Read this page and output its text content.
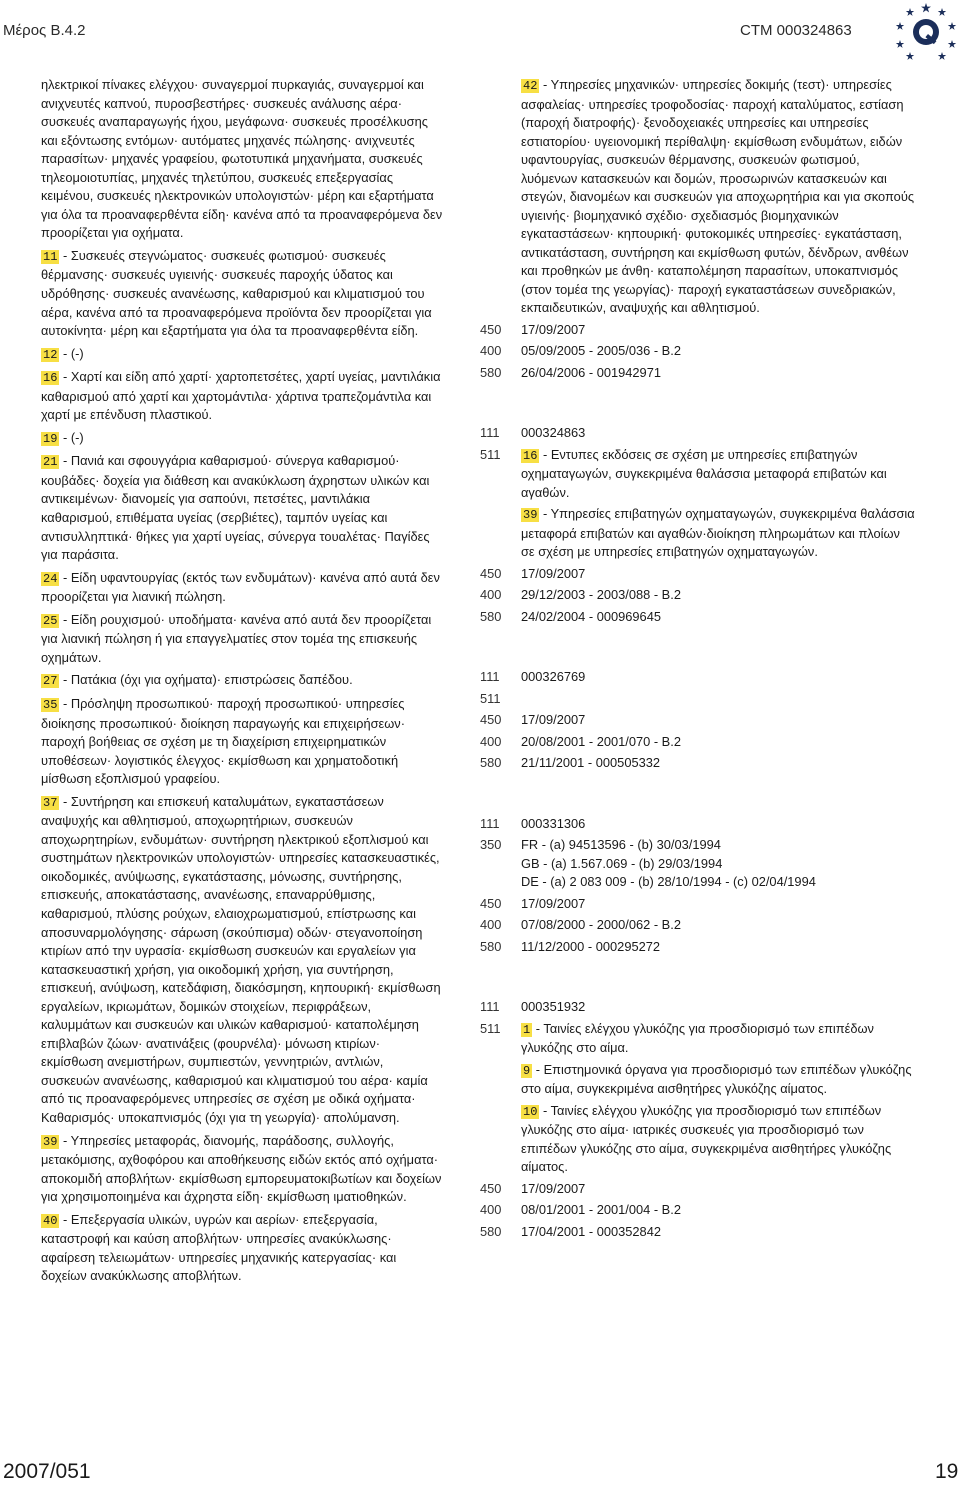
Μέρος Β.4.2	CTM 000324863

ηλεκτρικοί πίνακες ελέγχου· συναγερμοί πυρκαγιάς, συναγερμοί και ανιχνευτές καπνού, πυροσβεστήρες· συσκευές ανάλυσης αέρα· συσκευές αναπαραγωγής ήχου, μεγάφωνα· συσκευές προσέλκυσης και εξόντωσης εντόμων· αυτόματες μηχανές πώλησης· ανιχνευτές παρασίτων· μηχανές γραφείου, φωτοτυπικά μηχανήματα, συσκευές τηλεομοιοτυπίας, μηχανές τηλετύπου, συσκευές επεξεργασίας κειμένου, συσκευές ηλεκτρονικών υπολογιστών· μέρη και εξαρτήματα για όλα τα προαναφερθέντα είδη· κανένα από τα προαναφερόμενα δεν προορίζεται για οχήματα.

11 - Συσκευές στεγνώματος· συσκευές φωτισμού· συσκευές θέρμανσης· συσκευές υγιεινής· συσκευές παροχής ύδατος και υδρόθησης· συσκευές ανανέωσης, καθαρισμού και κλιματισμού του αέρα, κανένα από τα προαναφερόμενα προϊόντα δεν προορίζεται για αυτοκίνητα· μέρη και εξαρτήματα για όλα τα προαναφερθέντα είδη.

12 - (-)

16 - Χαρτί και είδη από χαρτί· χαρτοπετσέτες, χαρτί υγείας, μαντιλάκια καθαρισμού από χαρτί και χαρτομάντιλα· χάρτινα τραπεζομάντιλα και χαρτί με επένδυση πλαστικού.

19 - (-)

21 - Πανιά και σφουγγάρια καθαρισμού· σύνεργα καθαρισμού· κουβάδες· δοχεία για διάθεση και ανακύκλωση άχρηστων υλικών και αντικειμένων· διανομείς για σαπούνι, πετσέτες, μαντιλάκια καθαρισμού, επιθέματα υγείας (σερβιέτες), ταμπόν υγείας και αντισυλληπτικά· θήκες για χαρτί υγείας, σύνεργα τουαλέτας· Παγίδες για παράσιτα.

24 - Είδη υφαντουργίας (εκτός των ενδυμάτων)· κανένα από αυτά δεν προορίζεται για λιανική πώληση.

25 - Είδη ρουχισμού· υποδήματα· κανένα από αυτά δεν προορίζεται για λιανική πώληση ή για επαγγελματίες στον τομέα της επισκευής οχημάτων.

27 - Πατάκια (όχι για οχήματα)· επιστρώσεις δαπέδου.

35 - Πρόσληψη προσωπικού· παροχή προσωπικού· υπηρεσίες διοίκησης προσωπικού· διοίκηση παραγωγής και επιχειρήσεων· παροχή βοήθειας σε σχέση με τη διαχείριση επιχειρηματικών υποθέσεων· λογιστικός έλεγχος· εκμίσθωση και χρηματοδοτική μίσθωση εξοπλισμού γραφείου.

37 - Συντήρηση και επισκευή καταλυμάτων, εγκαταστάσεων αναψυχής και αθλητισμού, αποχωρητήριων, συσκευών αποχωρητηρίων, ενδυμάτων· συντήρηση ηλεκτρικού εξοπλισμού και συστημάτων ηλεκτρονικών υπολογιστών· υπηρεσίες κατασκευαστικές, οικοδομικές, ανύψωσης, εγκατάστασης, μόνωσης, συντήρησης, επισκευής, αποκατάστασης, ανανέωσης, επαναρρύθμισης, καθαρισμού, πλύσης ρούχων, ελαιοχρωματισμού, επίστρωσης και αποσυναρμολόγησης· σάρωση (σκούπισμα) οδών· στεγανοποίηση κτιρίων από την υγρασία· εκμίσθωση συσκευών και εργαλείων για κατασκευαστική χρήση, για οικοδομική χρήση, για συντήρηση, επισκευή, ανύψωση, κατεδάφιση, διακόσμηση, κηπουρική· εκμίσθωση εργαλείων, ικριωμάτων, δομικών στοιχείων, περιφράξεων, καλυμμάτων και συσκευών και υλικών καθαρισμού· καταπολέμηση επιβλαβών ζώων· ανατινάξεις (φουρνέλα)· μόνωση κτιρίων· εκμίσθωση ανεμιστήρων, συμπιεστών, γεννητριών, αντλιών, συσκευών ανανέωσης, καθαρισμού και κλιματισμού του αέρα· καμία από τις προαναφερόμενες υπηρεσίες σε σχέση με οδικά οχήματα· Καθαρισμός· υποκαπνισμός (όχι για τη γεωργία)· απολύμανση.

39 - Υπηρεσίες μεταφοράς, διανομής, παράδοσης, συλλογής, μετακόμισης, αχθοφόρου και αποθήκευσης ειδών εκτός από οχήματα· αποκομιδή αποβλήτων· εκμίσθωση εμπορευματοκιβωτίων και δοχείων για χρησιμοποιημένα και άχρηστα είδη· εκμίσθωση ιματιοθηκών.

40 - Επεξεργασία υλικών, υγρών και αερίων· επεξεργασία, καταστροφή και καύση αποβλήτων· υπηρεσίες ανακύκλωσης· αφαίρεση τελειωμάτων· υπηρεσίες μηχανικής κατεργασίας· και δοχείων ανακύκλωσης αποβλήτων.

42 - Υπηρεσίες μηχανικών· υπηρεσίες δοκιμής (τεστ)· υπηρεσίες ασφαλείας· υπηρεσίες τροφοδοσίας· παροχή καταλύματος, εστίαση (παροχή διατροφής)· ξενοδοχειακές υπηρεσίες και υπηρεσίες εστιατορίου· υγειονομική περίθαλψη· εκμίσθωση ενδυμάτων, ειδών υφαντουργίας, συσκευών θέρμανσης, συσκευών φωτισμού, λυόμενων κατασκευών και δομών, προσωρινών κατασκευών και στεγών, διανομέων και συσκευών για αποχωρητήρια και για σκοπούς υγιεινής· βιομηχανικό σχέδιο· σχεδιασμός βιομηχανικών εγκαταστάσεων· κηπουρική· φυτοκομικές υπηρεσίες· εγκατάσταση, αντικατάσταση, συντήρηση και εκμίσθωση φυτών, δένδρων, ανθέων και προθηκών με άνθη· καταπολέμηση παρασίτων, υποκαπνισμός (στον τομέα της γεωργίας)· παροχή εγκαταστάσεων συνεδριακών, εκπαιδευτικών, αναψυχής και αθλητισμού.
450	17/09/2007
400	05/09/2005 - 2005/036 - B.2
580	26/04/2006 - 001942971
111	000324863
511	16 - Εντυπες εκδόσεις σε σχέση με υπηρεσίες επιβατηγών οχηματαγωγών, συγκεκριμένα θαλάσσια μεταφορά επιβατών και αγαθών.
39 - Υπηρεσίες επιβατηγών οχηματαγωγών, συγκεκριμένα θαλάσσια μεταφορά επιβατών και αγαθών·διοίκηση πληρωμάτων και πλοίων σε σχέση με υπηρεσίες επιβατηγών οχηματαγωγών.
450	17/09/2007
400	29/12/2003 - 2003/088 - B.2
580	24/02/2004 - 000969645
111	000326769
511

450	17/09/2007
400	20/08/2001 - 2001/070 - B.2
580	21/11/2001 - 000505332
111	000331306
350	FR - (a) 94513596 - (b) 30/03/1994
GB - (a) 1.567.069 - (b) 29/03/1994
DE - (a) 2 083 009 - (b) 28/10/1994 - (c) 02/04/1994
450	17/09/2007
400	07/08/2000 - 2000/062 - B.2
580	11/12/2000 - 000295272
111	000351932
511	1 - Ταινίες ελέγχου γλυκόζης για προσδιορισμό των επιπέδων γλυκόζης στο αίμα.
9 - Επιστημονικά όργανα για προσδιορισμό των επιπέδων γλυκόζης στο αίμα, συγκεκριμένα αισθητήρες γλυκόζης αίματος.
10 - Ταινίες ελέγχου γλυκόζης για προσδιορισμό των επιπέδων γλυκόζης στο αίμα· ιατρικές συσκευές για προσδιορισμό των επιπέδων γλυκόζης στο αίμα, συγκεκριμένα αισθητήρες γλυκόζης αίματος.
450	17/09/2007
400	08/01/2001 - 2001/004 - B.2
580	17/04/2001 - 000352842
2007/051	19
